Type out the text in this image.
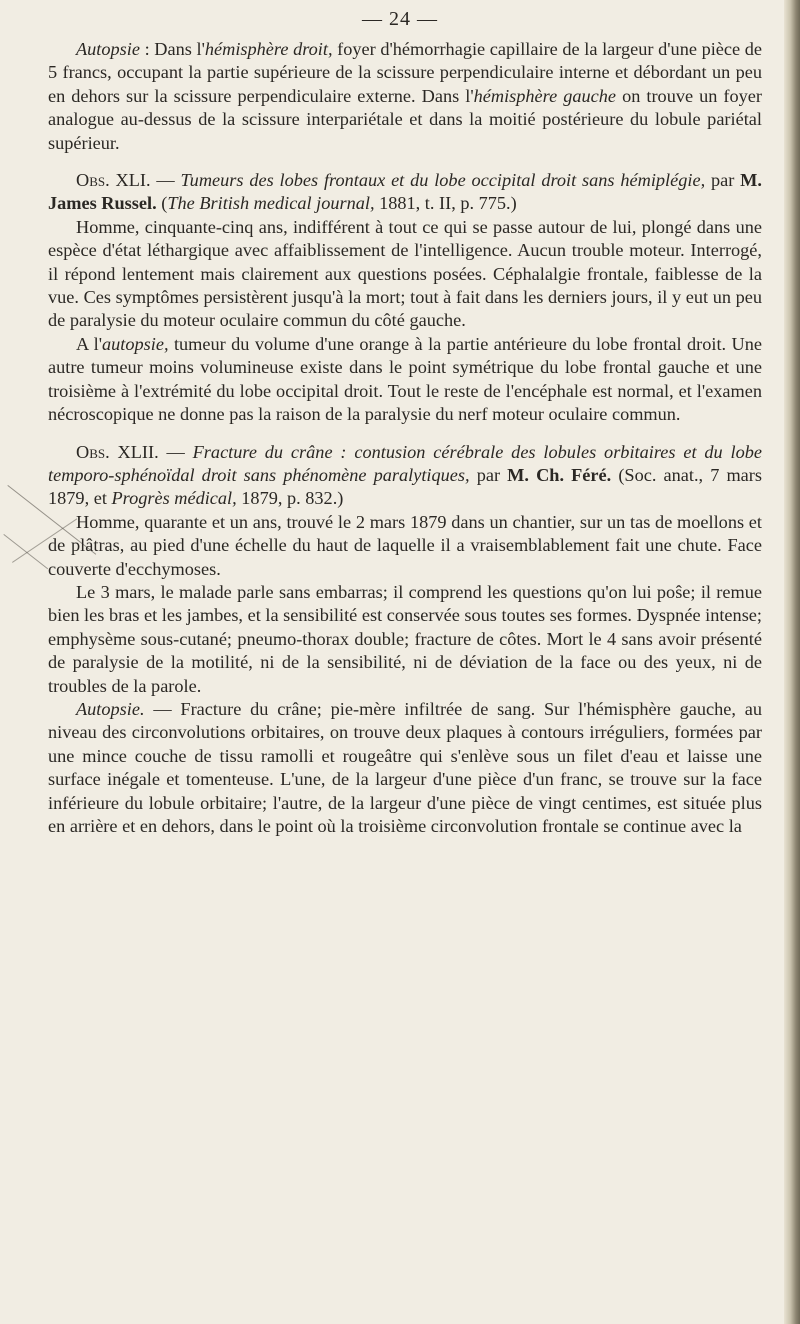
— 24 —

Autopsie : Dans l'hémisphère droit, foyer d'hémorrhagie capillaire de la largeur d'une pièce de 5 francs, occupant la partie supérieure de la scissure perpendiculaire interne et débordant un peu en dehors sur la scissure perpendiculaire externe. Dans l'hémisphère gauche on trouve un foyer analogue au-dessus de la scissure interpariétale et dans la moitié postérieure du lobule pariétal supérieur.

Obs. XLI. — Tumeurs des lobes frontaux et du lobe occipital droit sans hémiplégie, par M. James Russel. (The British medical journal, 1881, t. II, p. 775.)

Homme, cinquante-cinq ans, indifférent à tout ce qui se passe autour de lui, plongé dans une espèce d'état léthargique avec affaiblissement de l'intelligence. Aucun trouble moteur. Interrogé, il répond lentement mais clairement aux questions posées. Céphalalgie frontale, faiblesse de la vue. Ces symptômes persistèrent jusqu'à la mort; tout à fait dans les derniers jours, il y eut un peu de paralysie du moteur oculaire commun du côté gauche.

A l'autopsie, tumeur du volume d'une orange à la partie antérieure du lobe frontal droit. Une autre tumeur moins volumineuse existe dans le point symétrique du lobe frontal gauche et une troisième à l'extrémité du lobe occipital droit. Tout le reste de l'encéphale est normal, et l'examen nécroscopique ne donne pas la raison de la paralysie du nerf moteur oculaire commun.

Obs. XLII. — Fracture du crâne : contusion cérébrale des lobules orbitaires et du lobe temporo-sphénoïdal droit sans phénomène paralytiques, par M. Ch. Féré. (Soc. anat., 7 mars 1879, et Progrès médical, 1879, p. 832.)

Homme, quarante et un ans, trouvé le 2 mars 1879 dans un chantier, sur un tas de moellons et de plâtras, au pied d'une échelle du haut de laquelle il a vraisemblablement fait une chute. Face couverte d'ecchymoses.

Le 3 mars, le malade parle sans embarras; il comprend les questions qu'on lui poŝe; il remue bien les bras et les jambes, et la sensibilité est conservée sous toutes ses formes. Dyspnée intense; emphysème sous-cutané; pneumo-thorax double; fracture de côtes. Mort le 4 sans avoir présenté de paralysie de la motilité, ni de la sensibilité, ni de déviation de la face ou des yeux, ni de troubles de la parole.

Autopsie. — Fracture du crâne; pie-mère infiltrée de sang. Sur l'hémisphère gauche, au niveau des circonvolutions orbitaires, on trouve deux plaques à contours irréguliers, formées par une mince couche de tissu ramolli et rougeâtre qui s'enlève sous un filet d'eau et laisse une surface inégale et tomenteuse. L'une, de la largeur d'une pièce d'un franc, se trouve sur la face inférieure du lobule orbitaire; l'autre, de la largeur d'une pièce de vingt centimes, est située plus en arrière et en dehors, dans le point où la troisième circonvolution frontale se continue avec la
